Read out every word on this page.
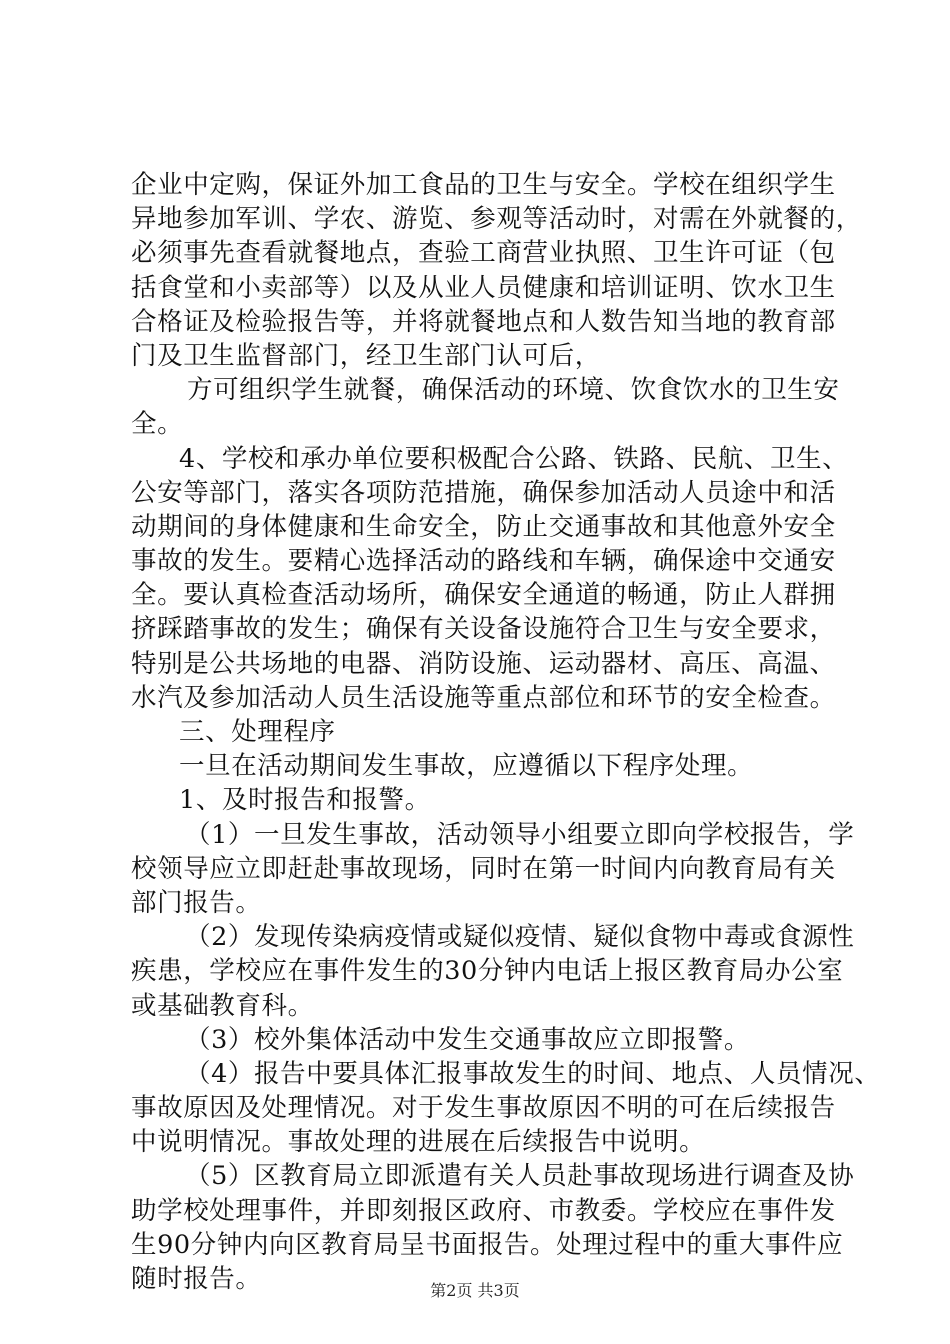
企业中定购，保证外加工食品的卫生与安全。学校在组织学生
异地参加军训、学农、游览、参观等活动时，对需在外就餐的，
必须事先查看就餐地点，查验工商营业执照、卫生许可证（包
括食堂和小卖部等）以及从业人员健康和培训证明、饮水卫生
合格证及检验报告等，并将就餐地点和人数告知当地的教育部
门及卫生监督部门，经卫生部门认可后，
方可组织学生就餐，确保活动的环境、饮食饮水的卫生安
全。
4、学校和承办单位要积极配合公路、铁路、民航、卫生、
公安等部门，落实各项防范措施，确保参加活动人员途中和活
动期间的身体健康和生命安全，防止交通事故和其他意外安全
事故的发生。要精心选择活动的路线和车辆，确保途中交通安
全。要认真检查活动场所，确保安全通道的畅通，防止人群拥
挤踩踏事故的发生；确保有关设备设施符合卫生与安全要求，
特别是公共场地的电器、消防设施、运动器材、高压、高温、
水汽及参加活动人员生活设施等重点部位和环节的安全检查。
三、处理程序
一旦在活动期间发生事故，应遵循以下程序处理。
1、及时报告和报警。
（1）一旦发生事故，活动领导小组要立即向学校报告，学
校领导应立即赶赴事故现场，同时在第一时间内向教育局有关
部门报告。
（2）发现传染病疫情或疑似疫情、疑似食物中毒或食源性
疾患，学校应在事件发生的30分钟内电话上报区教育局办公室
或基础教育科。
（3）校外集体活动中发生交通事故应立即报警。
（4）报告中要具体汇报事故发生的时间、地点、人员情况、
事故原因及处理情况。对于发生事故原因不明的可在后续报告
中说明情况。事故处理的进展在后续报告中说明。
（5）区教育局立即派遣有关人员赴事故现场进行调查及协
助学校处理事件，并即刻报区政府、市教委。学校应在事件发
生90分钟内向区教育局呈书面报告。处理过程中的重大事件应
随时报告。	第2页 共3页
